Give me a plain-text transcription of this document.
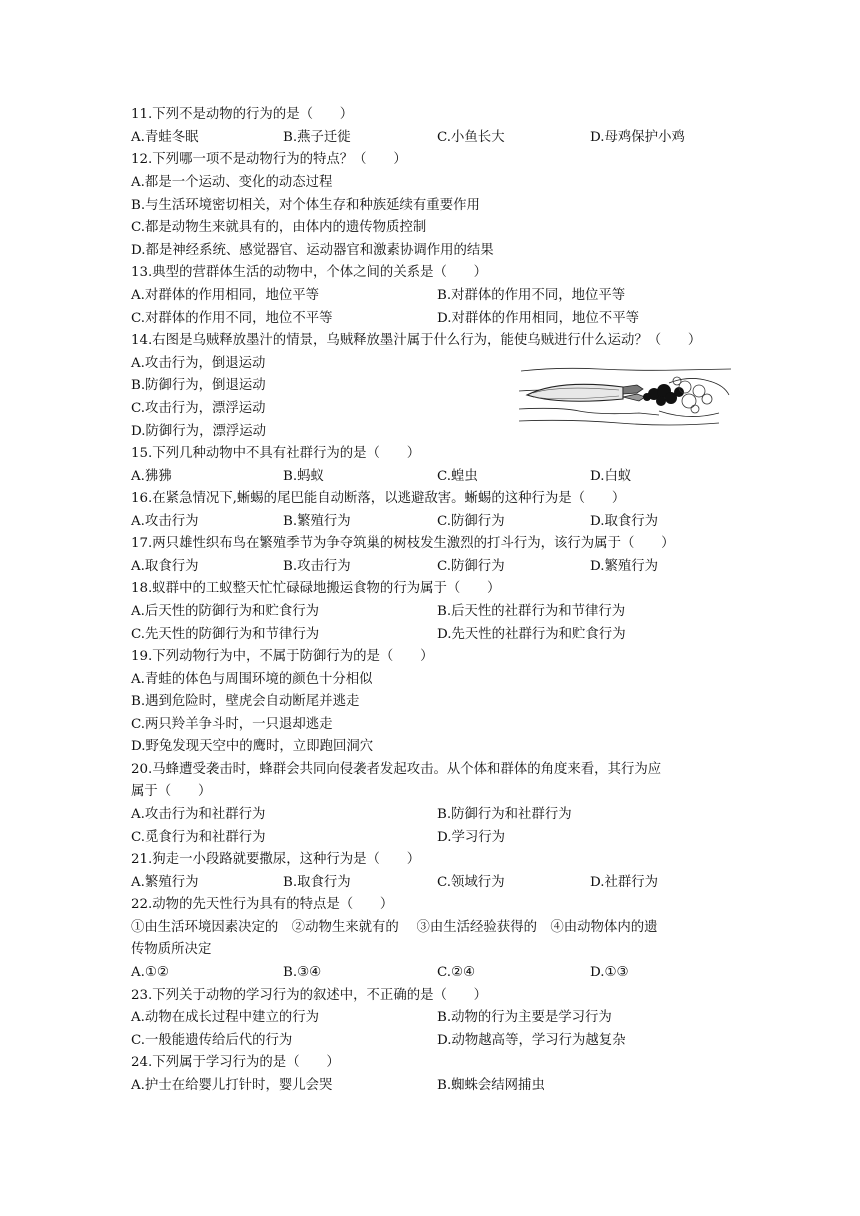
11.下列不是动物的行为的是（　　）
A.青蛙冬眠	B.燕子迁徙	C.小鱼长大	D.母鸡保护小鸡
12.下列哪一项不是动物行为的特点？（　　）
A.都是一个运动、变化的动态过程
B.与生活环境密切相关，对个体生存和种族延续有重要作用
C.都是动物生来就具有的，由体内的遗传物质控制
D.都是神经系统、感觉器官、运动器官和激素协调作用的结果
13.典型的营群体生活的动物中，个体之间的关系是（　　）
A.对群体的作用相同，地位平等	B.对群体的作用不同，地位平等
C.对群体的作用不同，地位不平等	D.对群体的作用相同，地位不平等
14.右图是乌贼释放墨汁的情景，乌贼释放墨汁属于什么行为，能使乌贼进行什么运动？（　　）
A.攻击行为，倒退运动
B.防御行为，倒退运动
C.攻击行为，漂浮运动
D.防御行为，漂浮运动
15.下列几种动物中不具有社群行为的是（　　）
A.狒狒	B.蚂蚁	C.蝗虫	D.白蚁
16.在紧急情况下,蜥蜴的尾巴能自动断落，以逃避敌害。蜥蜴的这种行为是（　　）
A.攻击行为	B.繁殖行为	C.防御行为	D.取食行为
17.两只雄性织布鸟在繁殖季节为争夺筑巢的树枝发生激烈的打斗行为，该行为属于（　　）
A.取食行为	B.攻击行为	C.防御行为	D.繁殖行为
18.蚁群中的工蚁整天忙忙碌碌地搬运食物的行为属于（　　）
A.后天性的防御行为和贮食行为	B.后天性的社群行为和节律行为
C.先天性的防御行为和节律行为	D.先天性的社群行为和贮食行为
19.下列动物行为中，不属于防御行为的是（　　）
A.青蛙的体色与周围环境的颜色十分相似
B.遇到危险时，壁虎会自动断尾并逃走
C.两只羚羊争斗时，一只退却逃走
D.野兔发现天空中的鹰时，立即跑回洞穴
20.马蜂遭受袭击时，蜂群会共同向侵袭者发起攻击。从个体和群体的角度来看，其行为应
属于（　　）
A.攻击行为和社群行为	B.防御行为和社群行为
C.觅食行为和社群行为	D.学习行为
21.狗走一小段路就要撒尿，这种行为是（　　）
A.繁殖行为	B.取食行为	C.领域行为	D.社群行为
22.动物的先天性行为具有的特点是（　　）
①由生活环境因素决定的　②动物生来就有的　 ③由生活经验获得的　④由动物体内的遗
传物质所决定
A.①②	B.③④	C.②④	D.①③
23.下列关于动物的学习行为的叙述中，不正确的是（　　）
A.动物在成长过程中建立的行为	B.动物的行为主要是学习行为
C.一般能遗传给后代的行为	D.动物越高等，学习行为越复杂
24.下列属于学习行为的是（　　）
A.护士在给婴儿打针时，婴儿会哭	B.蜘蛛会结网捕虫
